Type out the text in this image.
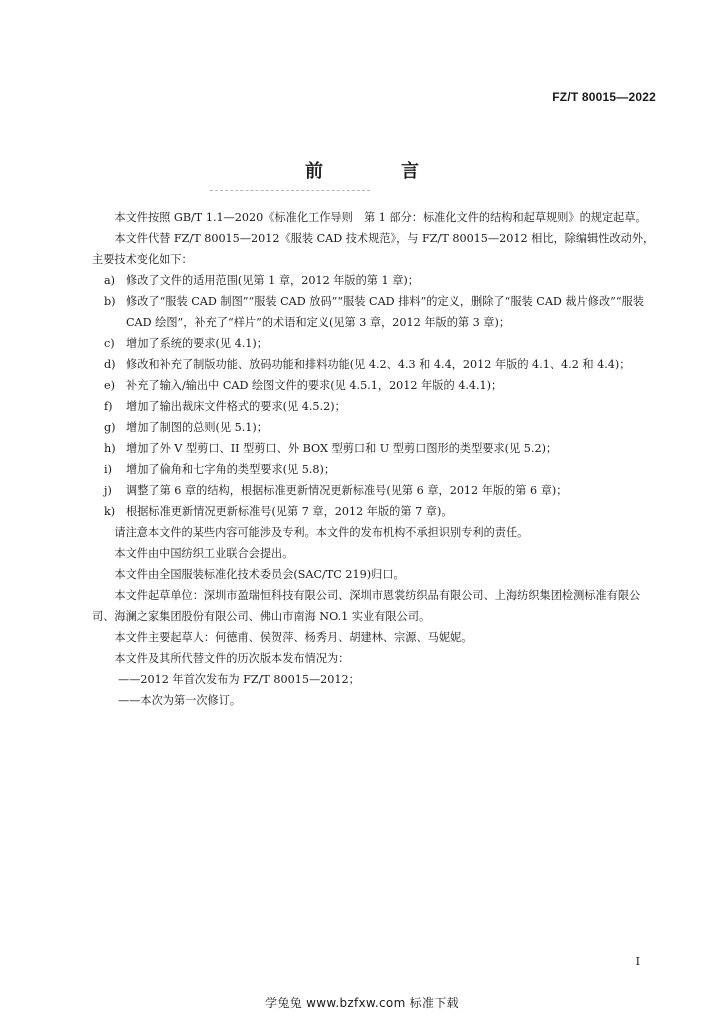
FZ/T 80015—2022
前　言

本文件按照 GB/T 1.1—2020《标准化工作导则　第 1 部分：标准化文件的结构和起草规则》的规定起草。

本文件代替 FZ/T 80015—2012《服装 CAD 技术规范》，与 FZ/T 80015—2012 相比，除编辑性改动外，主要技术变化如下：

a) 修改了文件的适用范围(见第 1 章，2012 年版的第 1 章)；
b) 修改了“服装 CAD 制图”“服装 CAD 放码”“服装 CAD 排料”的定义，删除了“服装 CAD 裁片修改”“服装 CAD 绘图”，补充了“样片”的术语和定义(见第 3 章，2012 年版的第 3 章)；
c)	增加了系统的要求(见 4.1)；
d) 修改和补充了制版功能、放码功能和排料功能(见 4.2、4.3 和 4.4，2012 年版的 4.1、4.2 和 4.4)；
e) 补充了输入/输出中 CAD 绘图文件的要求(见 4.5.1，2012 年版的 4.4.1)；
f)	增加了输出裁床文件格式的要求(见 4.5.2)；
g) 增加了制图的总则(见 5.1)；
h) 增加了外 V 型剪口、II 型剪口、外 BOX 型剪口和 U 型剪口图形的类型要求(见 5.2)；
i)	增加了倫角和七字角的类型要求(见 5.8)；
j)	调整了第 6 章的结构，根据标准更新情况更新标准号(见第 6 章，2012 年版的第 6 章)；
k) 根据标准更新情况更新标准号(见第 7 章，2012 年版的第 7 章)。

请注意本文件的某些内容可能涉及专利。本文件的发布机构不承担识别专利的责任。

本文件由中国纺织工业联合会提出。

本文件由全国服装标准化技术委员会(SAC/TC 219)归口。

本文件起草单位：深圳市盈瑞恒科技有限公司、深圳市恩裳纺织品有限公司、上海纺织集团检测标准有限公司、海澜之家集团股份有限公司、佛山市南海 NO.1 实业有限公司。

本文件主要起草人：何德甫、侯贺萍、杨秀月、胡建林、宗源、马妮妮。

本文件及其所代替文件的历次版本发布情况为：

——2012 年首次发布为 FZ/T 80015—2012；

——本次为第一次修订。

I
学兔兔 www.bzfxw.com 标准下载
